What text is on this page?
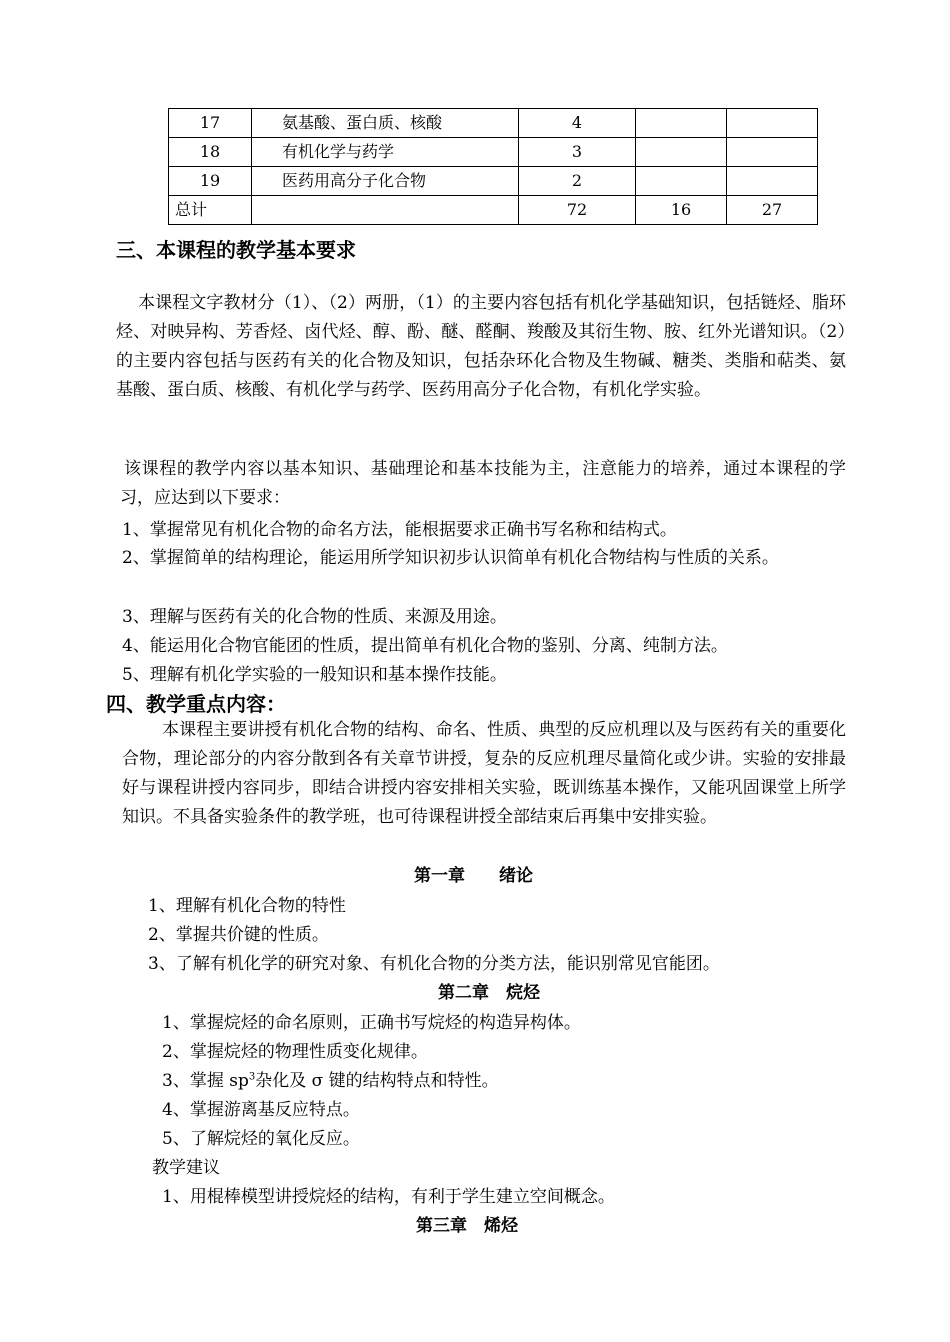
17	氨基酸、蛋白质、核酸	4		
18	有机化学与药学	3		
19	医药用高分子化合物	2		
总计		72	16	27
三、本课程的教学基本要求
本课程文字教材分（1）、（2）两册，（1）的主要内容包括有机化学基础知识，包括链烃、脂环烃、对映异构、芳香烃、卤代烃、醇、酚、醚、醛酮、羧酸及其衍生物、胺、红外光谱知识。（2）的主要内容包括与医药有关的化合物及知识，包括杂环化合物及生物碱、糖类、类脂和萜类、氨基酸、蛋白质、核酸、有机化学与药学、医药用高分子化合物，有机化学实验。
该课程的教学内容以基本知识、基础理论和基本技能为主，注意能力的培养，通过本课程的学习，应达到以下要求：
1、掌握常见有机化合物的命名方法，能根据要求正确书写名称和结构式。
2、掌握简单的结构理论，能运用所学知识初步认识简单有机化合物结构与性质的关系。
3、理解与医药有关的化合物的性质、来源及用途。
4、能运用化合物官能团的性质，提出简单有机化合物的鉴别、分离、纯制方法。
5、理解有机化学实验的一般知识和基本操作技能。
四、教学重点内容：
本课程主要讲授有机化合物的结构、命名、性质、典型的反应机理以及与医药有关的重要化合物，理论部分的内容分散到各有关章节讲授，复杂的反应机理尽量简化或少讲。实验的安排最好与课程讲授内容同步，即结合讲授内容安排相关实验，既训练基本操作，又能巩固课堂上所学知识。不具备实验条件的教学班，也可待课程讲授全部结束后再集中安排实验。
第一章　　绪论
1、理解有机化合物的特性
2、掌握共价键的性质。
3、了解有机化学的研究对象、有机化合物的分类方法，能识别常见官能团。
第二章　烷烃
1、掌握烷烃的命名原则，正确书写烷烃的构造异构体。
2、掌握烷烃的物理性质变化规律。
3、掌握 $sp^3$杂化及 σ 键的结构特点和特性。
4、掌握游离基反应特点。
5、了解烷烃的氧化反应。
教学建议
1、用棍棒模型讲授烷烃的结构，有利于学生建立空间概念。
第三章　烯烃
